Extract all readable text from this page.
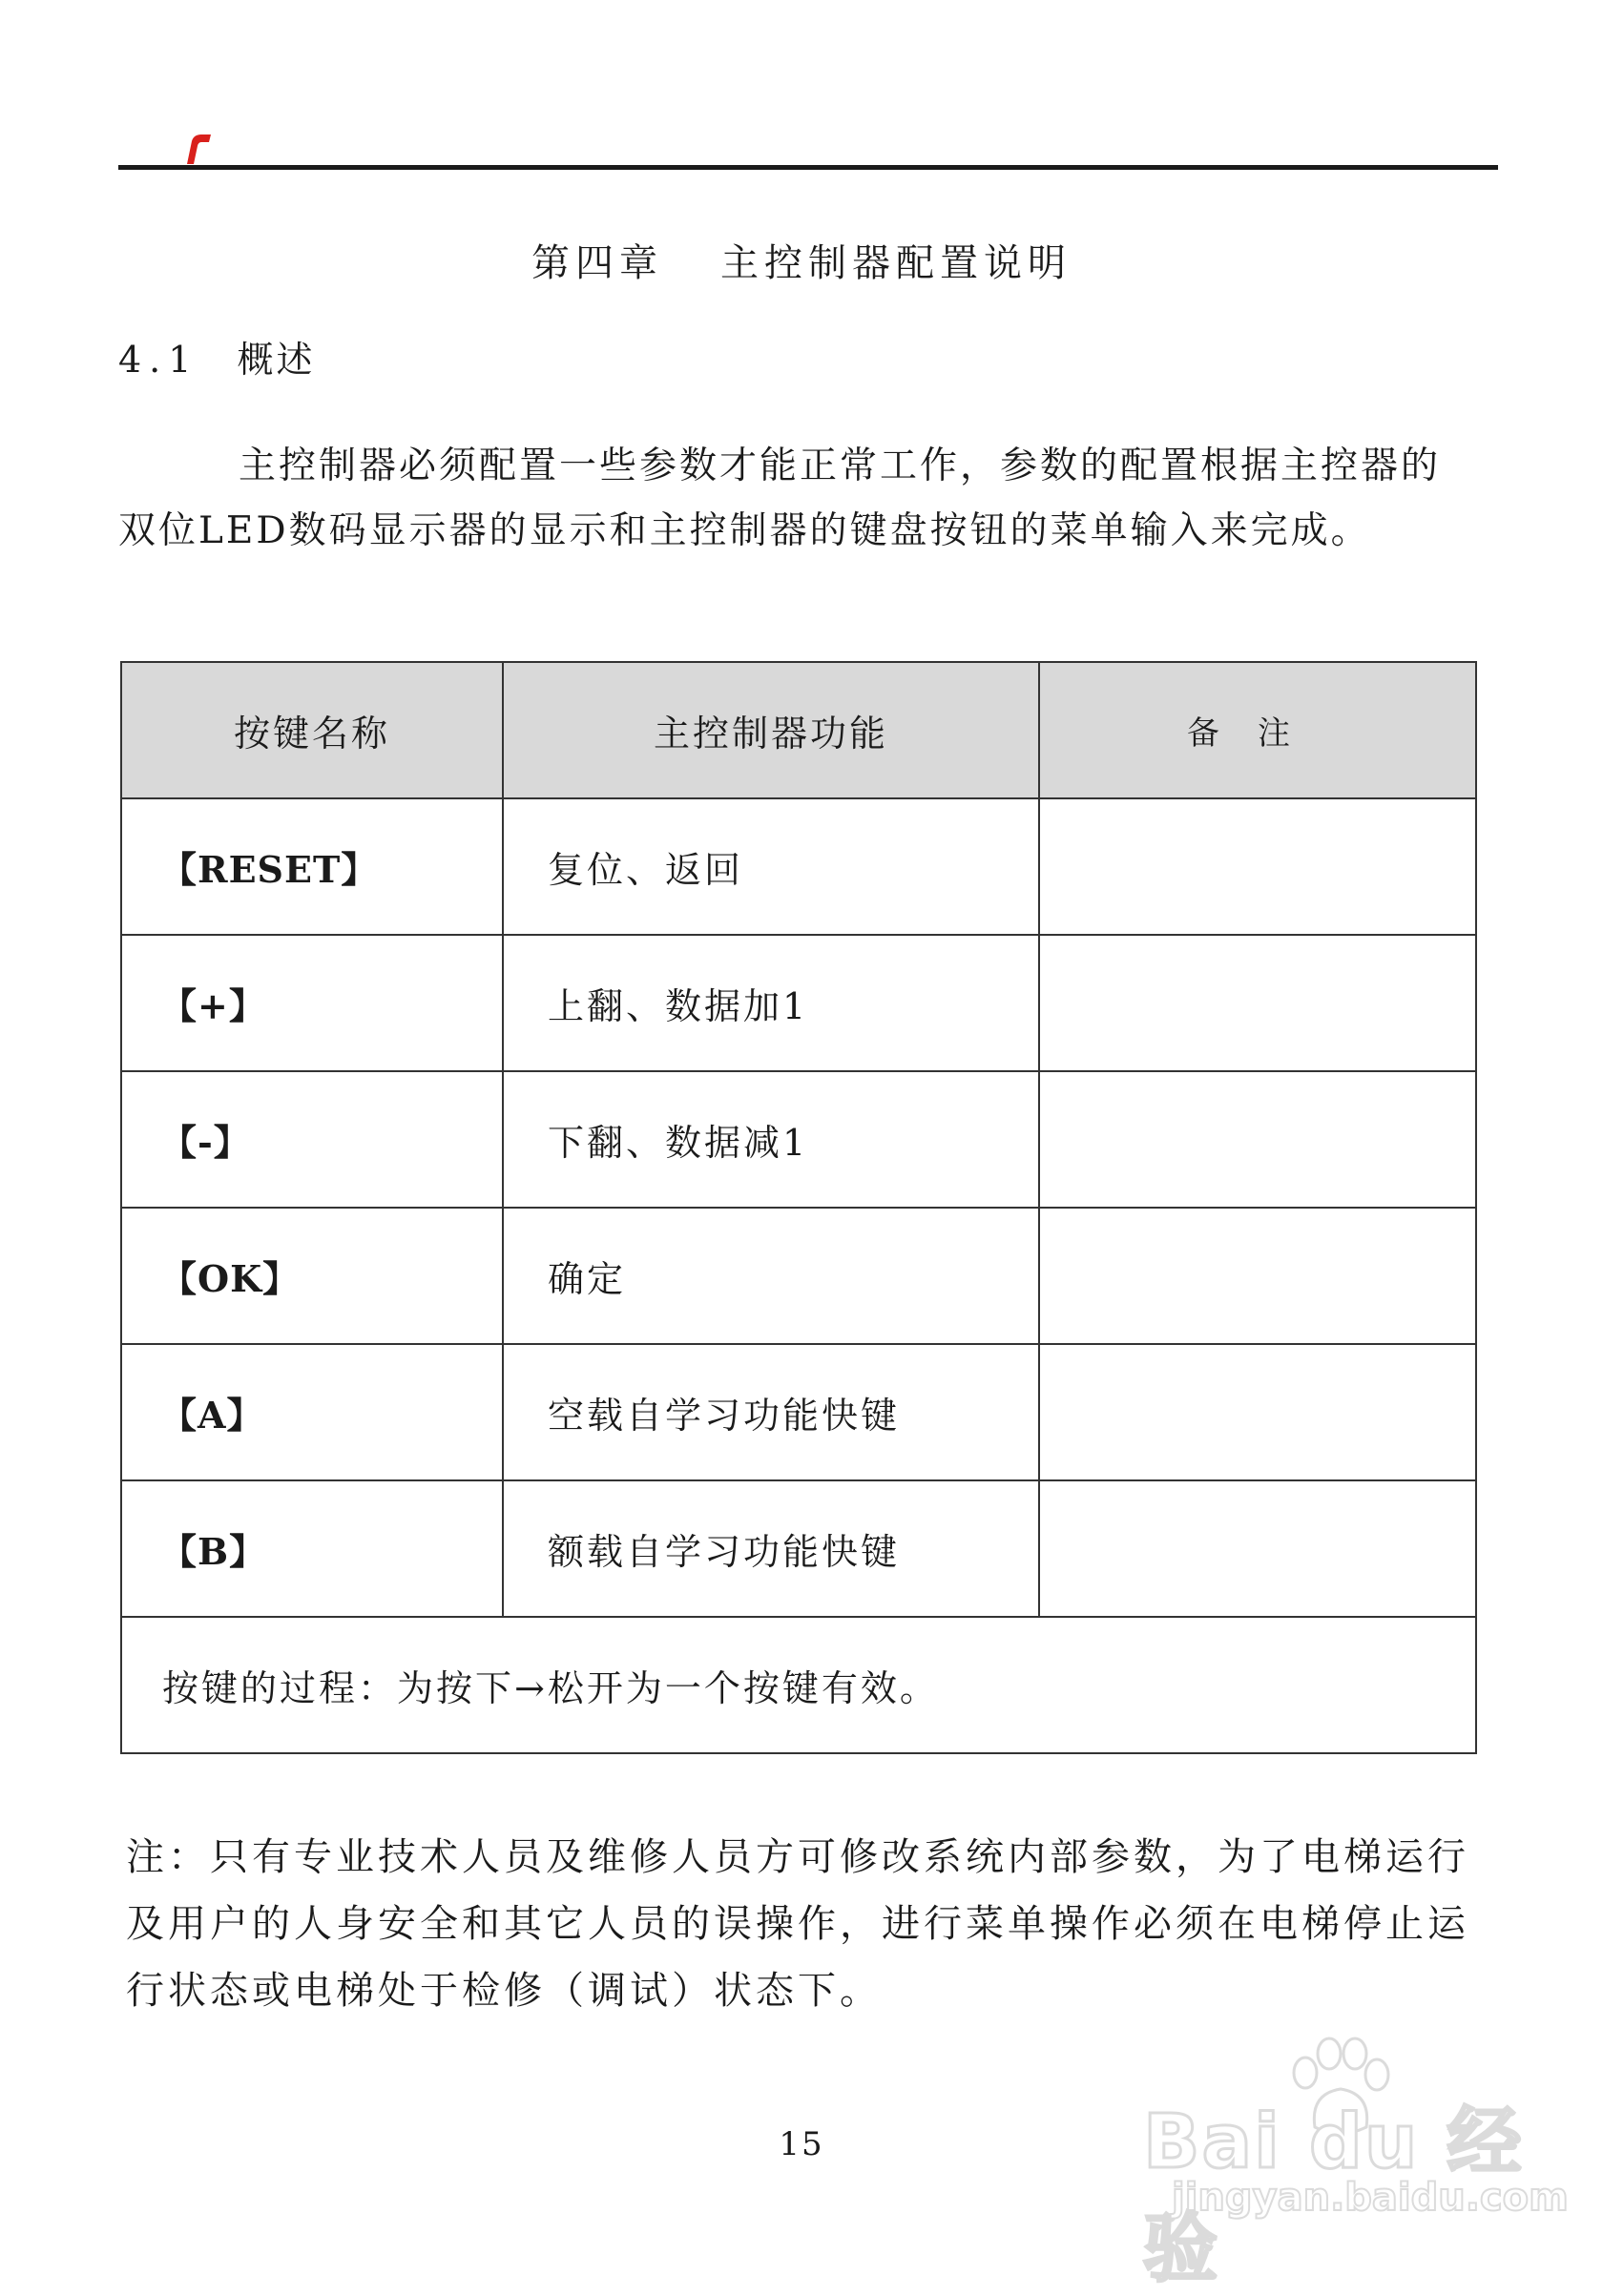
第四章 主控制器配置说明
4.1 概述

主控制器必须配置一些参数才能正常工作，参数的配置根据主控器的双位LED数码显示器的显示和主控制器的键盘按钮的菜单输入来完成。

按键名称	主控制器功能	备注
【RESET】	复位、返回	
【+】	上翻、数据加1	
【-】	下翻、数据减1	
【OK】	确定	
【A】	空载自学习功能快键	
【B】	额载自学习功能快键	
按键的过程：为按下→松开为一个按键有效。		

注：只有专业技术人员及维修人员方可修改系统内部参数，为了电梯运行及用户的人身安全和其它人员的误操作，进行菜单操作必须在电梯停止运行状态或电梯处于检修（调试）状态下。

15	Bai du 经验
jingyan.baidu.com
